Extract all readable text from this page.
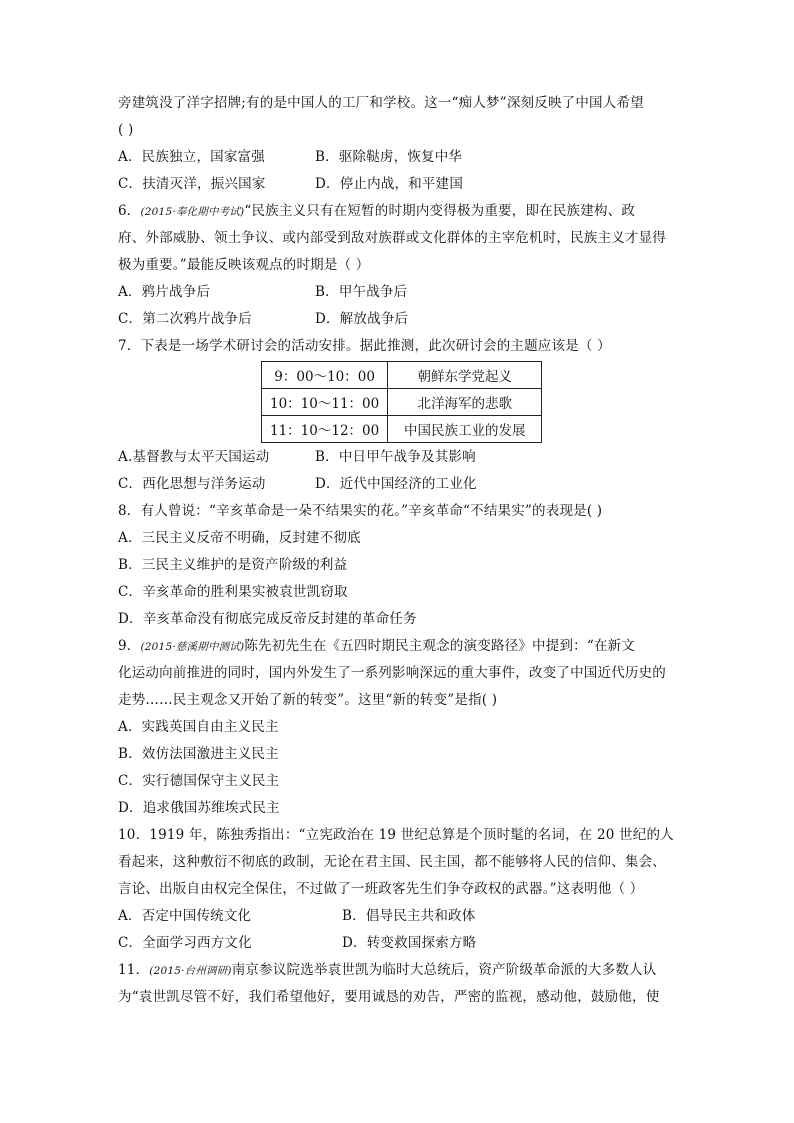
旁建筑没了洋字招牌;有的是中国人的工厂和学校。这一“痴人梦”深刻反映了中国人希望
( )
A．民族独立，国家富强	B．驱除鞑虏，恢复中华
C．扶清灭洋，振兴国家	D．停止内战，和平建国
6．(2015·奉化期中考试)“民族主义只有在短暂的时期内变得极为重要，即在民族建构、政
府、外部威胁、领土争议、或内部受到敌对族群或文化群体的主宰危机时，民族主义才显得
极为重要。”最能反映该观点的时期是（ ）
A．鸦片战争后	B．甲午战争后
C．第二次鸦片战争后	D．解放战争后
7．下表是一场学术研讨会的活动安排。据此推测，此次研讨会的主题应该是（ ）
9：00～10：00	朝鲜东学党起义
10：10～11：00	北洋海军的悲歌
11：10～12：00	中国民族工业的发展
A.基督教与太平天国运动	B．中日甲午战争及其影响
C．西化思想与洋务运动	D．近代中国经济的工业化
8．有人曾说：“辛亥革命是一朵不结果实的花。”辛亥革命“不结果实”的表现是( )
A．三民主义反帝不明确，反封建不彻底
B．三民主义维护的是资产阶级的利益
C．辛亥革命的胜利果实被袁世凯窃取
D．辛亥革命没有彻底完成反帝反封建的革命任务
9．(2015·慈溪期中测试)陈先初先生在《五四时期民主观念的演变路径》中提到：“在新文
化运动向前推进的同时，国内外发生了一系列影响深远的重大事件，改变了中国近代历史的
走势……民主观念又开始了新的转变”。这里“新的转变”是指( )
A．实践英国自由主义民主
B．效仿法国激进主义民主
C．实行德国保守主义民主
D．追求俄国苏维埃式民主
10．1919 年，陈独秀指出：“立宪政治在 19 世纪总算是个顶时髦的名词，在 20 世纪的人
看起来，这种敷衍不彻底的政制，无论在君主国、民主国，都不能够将人民的信仰、集会、
言论、出版自由权完全保住，不过做了一班政客先生们争夺政权的武器。”这表明他（ ）
A．否定中国传统文化	B．倡导民主共和政体
C．全面学习西方文化	D．转变救国探索方略
11．(2015·台州调研)南京参议院选举袁世凯为临时大总统后，资产阶级革命派的大多数人认
为“袁世凯尽管不好，我们希望他好，要用诚恳的劝告，严密的监视，感动他，鼓励他，使
